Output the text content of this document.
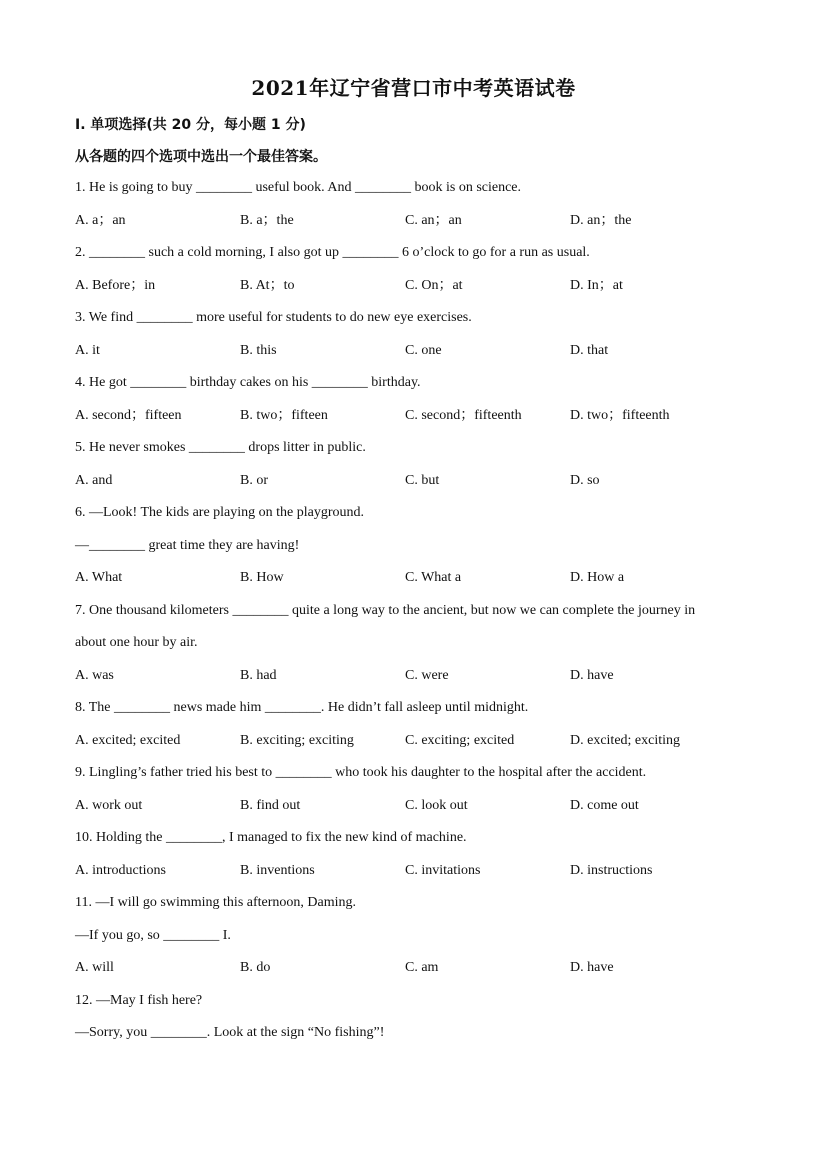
2021年辽宁省营口市中考英语试卷
Ⅰ. 单项选择(共 20 分，每小题 1 分)
从各题的四个选项中选出一个最佳答案。
1. He is going to buy ________ useful book. And ________ book is on science.
A. a；an	B. a；the	C. an；an	D. an；the
2. ________ such a cold morning, I also got up ________ 6 o’clock to go for a run as usual.
A. Before；in	B. At；to	C. On；at	D. In；at
3. We find ________ more useful for students to do new eye exercises.
A. it	B. this	C. one	D. that
4. He got ________ birthday cakes on his ________ birthday.
A. second；fifteen	B. two；fifteen	C. second；fifteenth	D. two；fifteenth
5. He never smokes ________ drops litter in public.
A. and	B. or	C. but	D. so
6. —Look! The kids are playing on the playground.
—________ great time they are having!
A. What	B. How	C. What a	D. How a
7. One thousand kilometers ________ quite a long way to the ancient, but now we can complete the journey in
about one hour by air.
A. was	B. had	C. were	D. have
8. The ________ news made him ________. He didn’t fall asleep until midnight.
A. excited; excited	B. exciting; exciting	C. exciting; excited	D. excited; exciting
9. Lingling’s father tried his best to ________ who took his daughter to the hospital after the accident.
A. work out	B. find out	C. look out	D. come out
10. Holding the ________, I managed to fix the new kind of machine.
A. introductions	B. inventions	C. invitations	D. instructions
11. —I will go swimming this afternoon, Daming.
—If you go, so ________ I.
A. will	B. do	C. am	D. have
12. —May I fish here?
—Sorry, you ________. Look at the sign “No fishing”!
